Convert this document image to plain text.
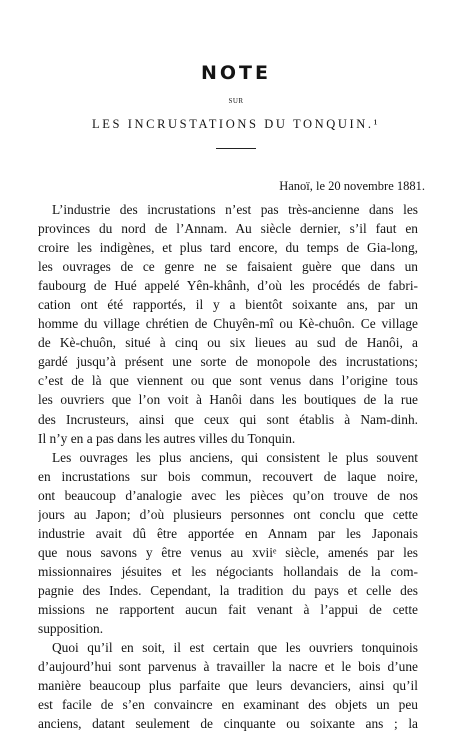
NOTE
SUR
LES INCRUSTATIONS DU TONQUIN.¹
Hanoï, le 20 novembre 1881.
L’industrie des incrustations n’est pas très-ancienne dans les
provinces du nord de l’Annam. Au siècle dernier, s’il faut en
croire les indigènes, et plus tard encore, du temps de Gia-long,
les ouvrages de ce genre ne se faisaient guère que dans un
faubourg de Hué appelé Yên-khânh, d’où les procédés de fabri-
cation ont été rapportés, il y a bientôt soixante ans, par un
homme du village chrétien de Chuyên-mî ou Kè-chuôn. Ce village
de Kè-chuôn, situé à cinq ou six lieues au sud de Hanôi, a
gardé jusqu’à présent une sorte de monopole des incrustations;
c’est de là que viennent ou que sont venus dans l’origine tous
les ouvriers que l’on voit à Hanôi dans les boutiques de la rue
des Incrusteurs, ainsi que ceux qui sont établis à Nam-dinh.
Il n’y en a pas dans les autres villes du Tonquin.
Les ouvrages les plus anciens, qui consistent le plus souvent
en incrustations sur bois commun, recouvert de laque noire,
ont beaucoup d’analogie avec les pièces qu’on trouve de nos
jours au Japon; d’où plusieurs personnes ont conclu que cette
industrie avait dû être apportée en Annam par les Japonais
que nous savons y être venus au xviiᵉ siècle, amenés par les
missionnaires jésuites et les négociants hollandais de la com-
pagnie des Indes. Cependant, la tradition du pays et celle des
missions ne rapportent aucun fait venant à l’appui de cette
supposition.
Quoi qu’il en soit, il est certain que les ouvriers tonquinois
d’aujourd’hui sont parvenus à travailler la nacre et le bois d’une
manière beaucoup plus parfaite que leurs devanciers, ainsi qu’il
est facile de s’en convaincre en examinant des objets un peu
anciens, datant seulement de cinquante ou soixante ans ; la
